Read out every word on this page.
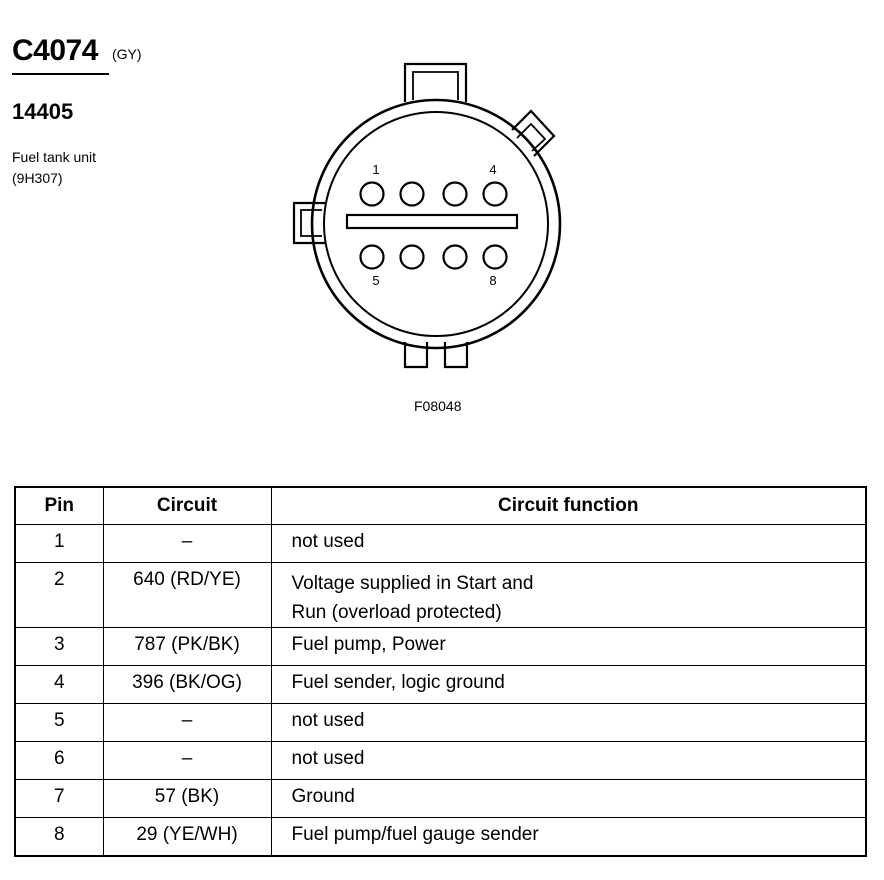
C4074 (GY)
14405
Fuel tank unit
(9H307)
1	4
5	8
F08048
Pin	Circuit	Circuit function
1	–	not used

2	640 (RD/YE)	Voltage supplied in Start and
Run (overload protected)

3	787 (PK/BK)	Fuel pump, Power

4	396 (BK/OG)	Fuel sender, logic ground

5	–	not used

6	–	not used

7	57 (BK)	Ground

8	29 (YE/WH)	Fuel pump/fuel gauge sender
